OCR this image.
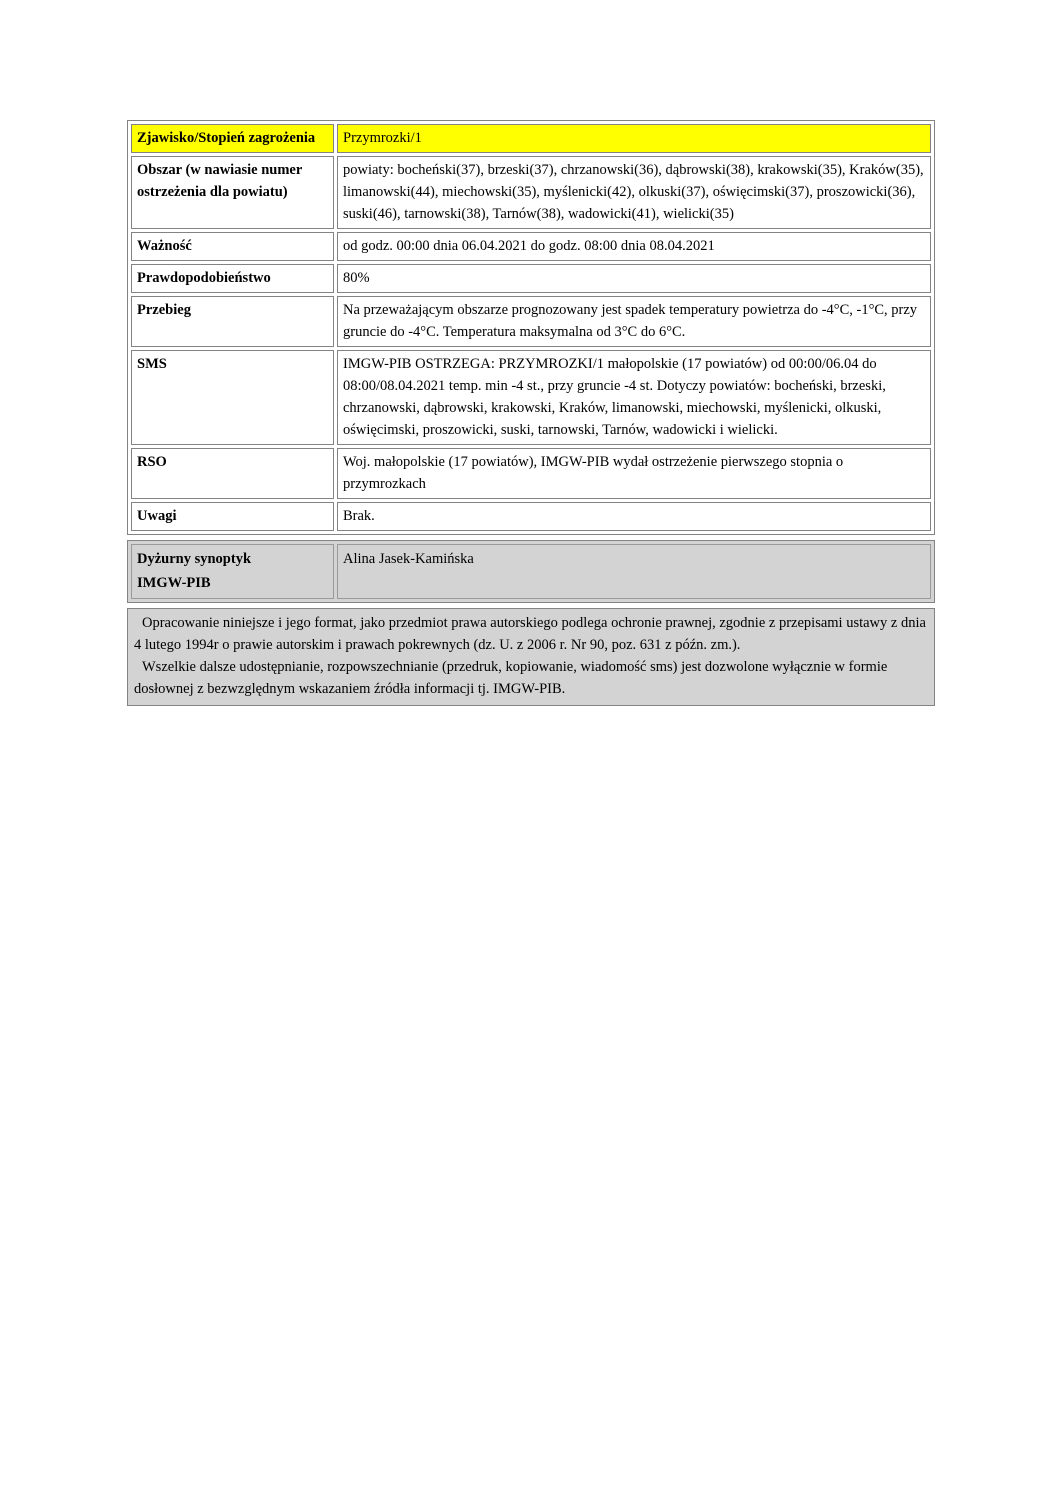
Zjawisko/Stopień zagrożenia	Przymrozki/1
Obszar (w nawiasie numer ostrzeżenia dla powiatu)	powiaty: bocheński(37), brzeski(37), chrzanowski(36), dąbrowski(38), krakowski(35), Kraków(35), limanowski(44), miechowski(35), myślenicki(42), olkuski(37), oświęcimski(37), proszowicki(36), suski(46), tarnowski(38), Tarnów(38), wadowicki(41), wielicki(35)
Ważność	od godz. 00:00 dnia 06.04.2021 do godz. 08:00 dnia 08.04.2021
Prawdopodobieństwo	80%
Przebieg	Na przeważającym obszarze prognozowany jest spadek temperatury powietrza do -4°C, -1°C, przy gruncie do -4°C. Temperatura maksymalna od 3°C do 6°C.
SMS	IMGW-PIB OSTRZEGA: PRZYMROZKI/1 małopolskie (17 powiatów) od 00:00/06.04 do 08:00/08.04.2021 temp. min -4 st., przy gruncie -4 st. Dotyczy powiatów: bocheński, brzeski, chrzanowski, dąbrowski, krakowski, Kraków, limanowski, miechowski, myślenicki, olkuski, oświęcimski, proszowicki, suski, tarnowski, Tarnów, wadowicki i wielicki.
RSO	Woj. małopolskie (17 powiatów), IMGW-PIB wydał ostrzeżenie pierwszego stopnia o przymrozkach
Uwagi	Brak.
Dyżurny synoptyk
IMGW-PIB
	Alina Jasek-Kamińska

Opracowanie niniejsze i jego format, jako przedmiot prawa autorskiego podlega ochronie prawnej, zgodnie z przepisami ustawy z dnia 4 lutego 1994r o prawie autorskim i prawach pokrewnych (dz. U. z 2006 r. Nr 90, poz. 631 z późn. zm.).

Wszelkie dalsze udostępnianie, rozpowszechnianie (przedruk, kopiowanie, wiadomość sms) jest dozwolone wyłącznie w formie dosłownej z bezwzględnym wskazaniem źródła informacji tj. IMGW-PIB.
